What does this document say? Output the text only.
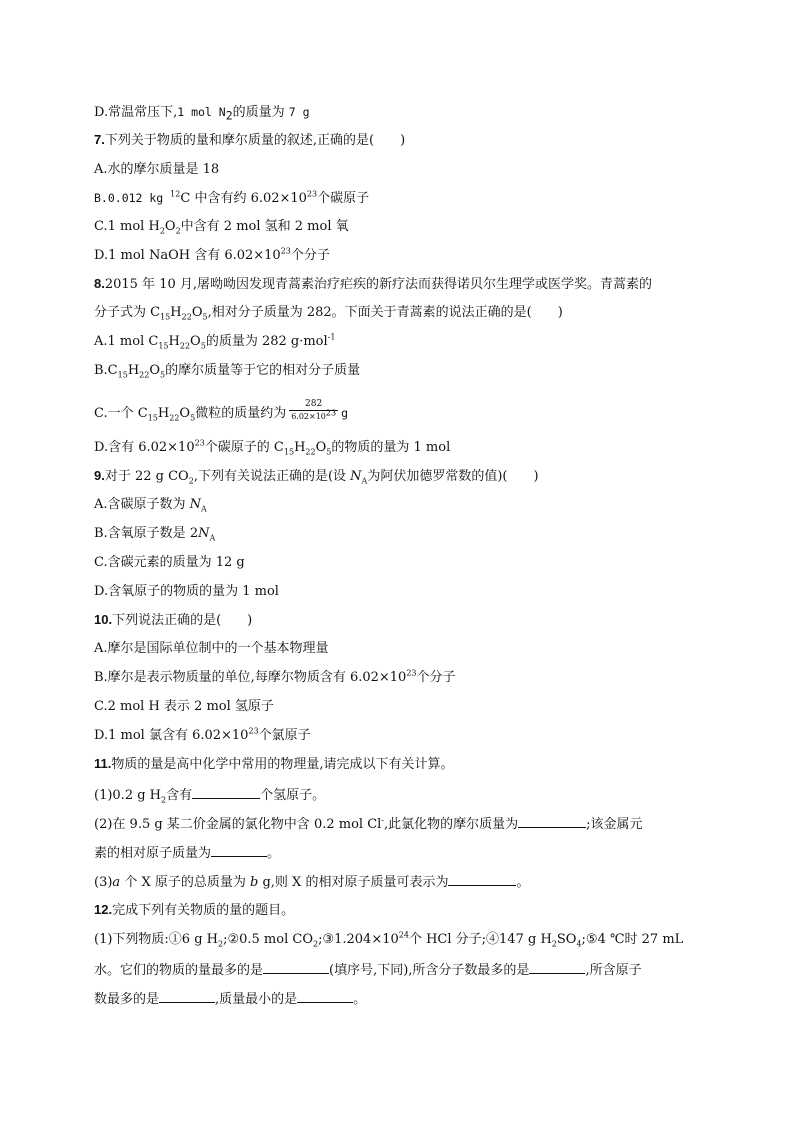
D.常温常压下,1 mol $N_2$的质量为 7 g
7.下列关于物质的量和摩尔质量的叙述,正确的是( )
A.水的摩尔质量是 18
B.0.012 kg $^{12}$C 中含有约 $6.02\times 10^{23}$个碳原子
C.1 mol $H_2O_2$中含有 2 mol 氢和 2 mol 氧
D.1 mol NaOH 含有 $6.02\times 10^{23}$个分子
8.2015 年 10 月,屠呦呦因发现青蒿素治疗疟疾的新疗法而获得诺贝尔生理学或医学奖。青蒿素的
分子式为 $C_{15}H_{22}O_5$,相对分子质量为 282。下面关于青蒿素的说法正确的是( )
A.1 mol $C_{15}H_{22}O_5$的质量为 282 g·mol$^{-1}$
$B.C_{15}H_{22}O_5$的摩尔质量等于它的相对分子质量
C.一个 $C_{15}H_{22}O_5$微粒的质量约为 $\frac{282}{6.02\times 10^{23}}$ g
D.含有 $6.02\times 10^{23}$个碳原子的 $C_{15}H_{22}O_5$的物质的量为 1 mol
9.对于 22 g $CO_2$,下列有关说法正确的是(设 $N_A$为阿伏加德罗常数的值)( )
A.含碳原子数为 $N_A$
B.含氧原子数是 $2N_A$
C.含碳元素的质量为 12 g
D.含氧原子的物质的量为 1 mol
10.下列说法正确的是( )
A.摩尔是国际单位制中的一个基本物理量
B.摩尔是表示物质量的单位,每摩尔物质含有 $6.02\times 10^{23}$个分子
C.2 mol H 表示 2 mol 氢原子
D.1 mol 氯含有 $6.02\times 10^{23}$个氯原子
11.物质的量是高中化学中常用的物理量,请完成以下有关计算。
(1)0.2 g $H_2$含有	个氢原子。
(2)在 9.5 g 某二价金属的氯化物中含 0.2 mol Cl-,此氯化物的摩尔质量为	;该金属元
素的相对原子质量为	。
(3)a 个 X 原子的总质量为 b g,则 X 的相对原子质量可表示为	。
12.完成下列有关物质的量的题目。
(1)下列物质:①6 g $H_2;②0.5$ mol $CO_2;③1.204\times 10^{24}$个 HCl 分子;④147 g $H_2SO_4;⑤4$ ℃时 27 mL
水。它们的物质的量最多的是	(填序号,下同),所含分子数最多的是	,所含原子
数最多的是	,质量最小的是	。
